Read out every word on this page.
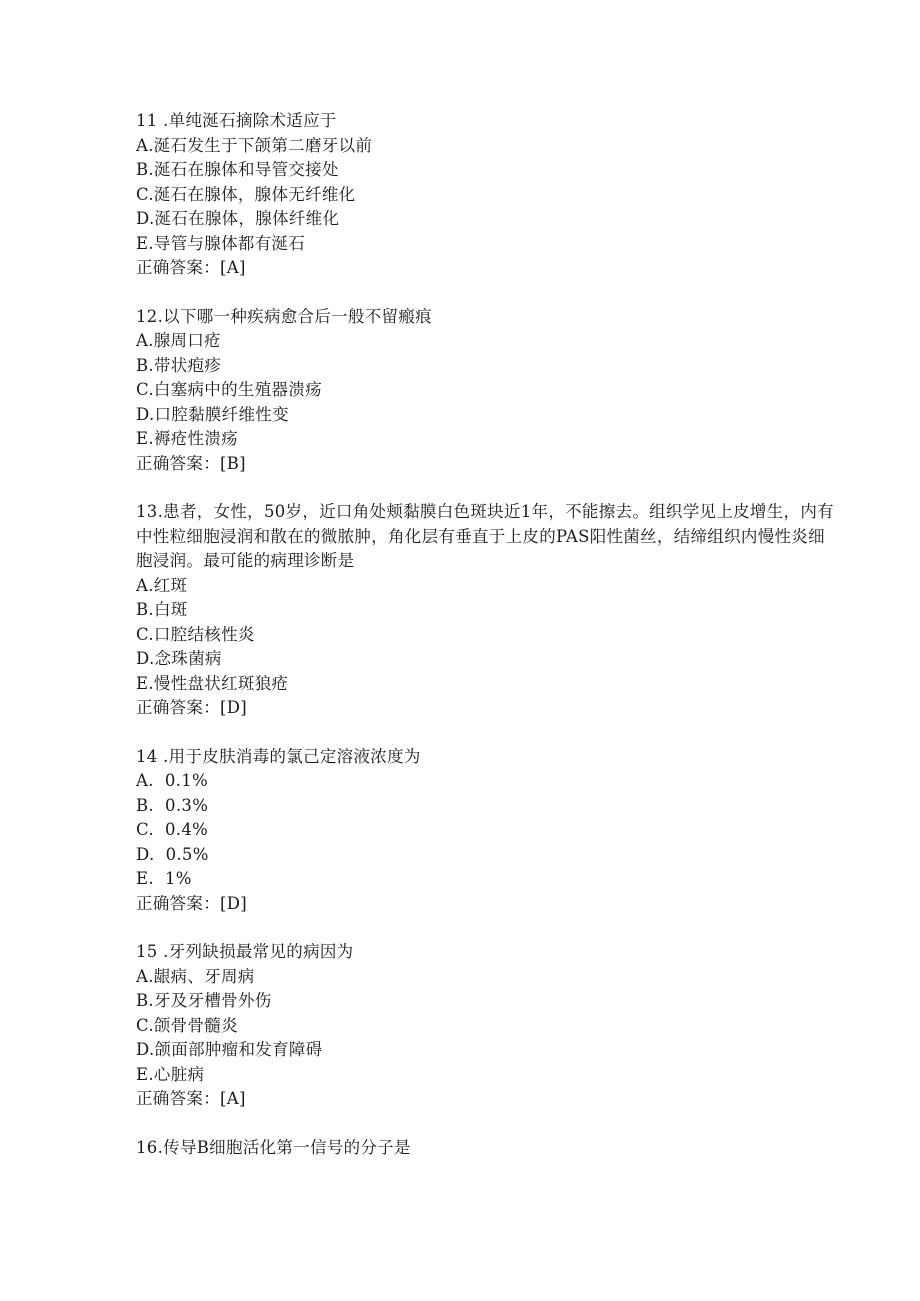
11 .单纯涎石摘除术适应于

A.涎石发生于下颌第二磨牙以前

B.涎石在腺体和导管交接处

C.涎石在腺体，腺体无纤维化

D.涎石在腺体，腺体纤维化

E.导管与腺体都有涎石

正确答案：[A]

12.以下哪一种疾病愈合后一般不留瘢痕

A.腺周口疮

B.带状疱疹

C.白塞病中的生殖器溃疡

D.口腔黏膜纤维性变

E.褥疮性溃疡

正确答案：[B]

13.患者，女性，50岁，近口角处颊黏膜白色斑块近1年，不能擦去。组织学见上皮增生，内有中性粒细胞浸润和散在的微脓肿，角化层有垂直于上皮的PAS阳性菌丝，结缔组织内慢性炎细胞浸润。最可能的病理诊断是

A.红斑

B.白斑

C.口腔结核性炎

D.念珠菌病

E.慢性盘状红斑狼疮

正确答案：[D]

14 .用于皮肤消毒的氯己定溶液浓度为

A.  0.1%

B.  0.3%

C.  0.4%

D.  0.5%

E.  1%

正确答案：[D]

15 .牙列缺损最常见的病因为

A.龈病、牙周病

B.牙及牙槽骨外伤

C.颌骨骨髓炎

D.颌面部肿瘤和发育障碍

E.心脏病

正确答案：[A]

16.传导B细胞活化第一信号的分子是
